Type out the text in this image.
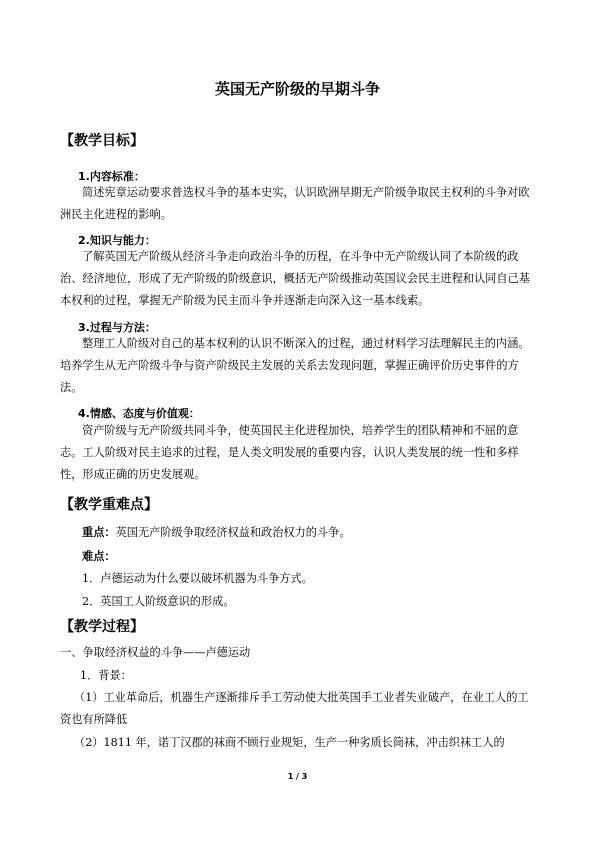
英国无产阶级的早期斗争
【教学目标】
1.内容标准：

简述宪章运动要求普选权斗争的基本史实，认识欧洲早期无产阶级争取民主权利的斗争对欧洲民主化进程的影响。

2.知识与能力：

了解英国无产阶级从经济斗争走向政治斗争的历程，在斗争中无产阶级认同了本阶级的政治、经济地位，形成了无产阶级的阶级意识，概括无产阶级推动英国议会民主进程和认同自己基本权利的过程，掌握无产阶级为民主而斗争并逐渐走向深入这一基本线索。

3.过程与方法：

整理工人阶级对自己的基本权利的认识不断深入的过程，通过材料学习法理解民主的内涵。培养学生从无产阶级斗争与资产阶级民主发展的关系去发现问题，掌握正确评价历史事件的方法。

4.情感、态度与价值观：

资产阶级与无产阶级共同斗争，使英国民主化进程加快，培养学生的团队精神和不屈的意志。工人阶级对民主追求的过程，是人类文明发展的重要内容，认识人类发展的统一性和多样性，形成正确的历史发展观。

【教学重难点】
重点：英国无产阶级争取经济权益和政治权力的斗争。
难点：
1．卢德运动为什么要以破坏机器为斗争方式。
2．英国工人阶级意识的形成。
【教学过程】
一、争取经济权益的斗争——卢德运动
1．背景：

（1）工业革命后，机器生产逐渐排斥手工劳动使大批英国手工业者失业破产，在业工人的工资也有所降低

（2）1811 年，诺丁汉郡的袜商不顾行业规矩，生产一种劣质长筒袜，冲击织袜工人的
1 / 3
